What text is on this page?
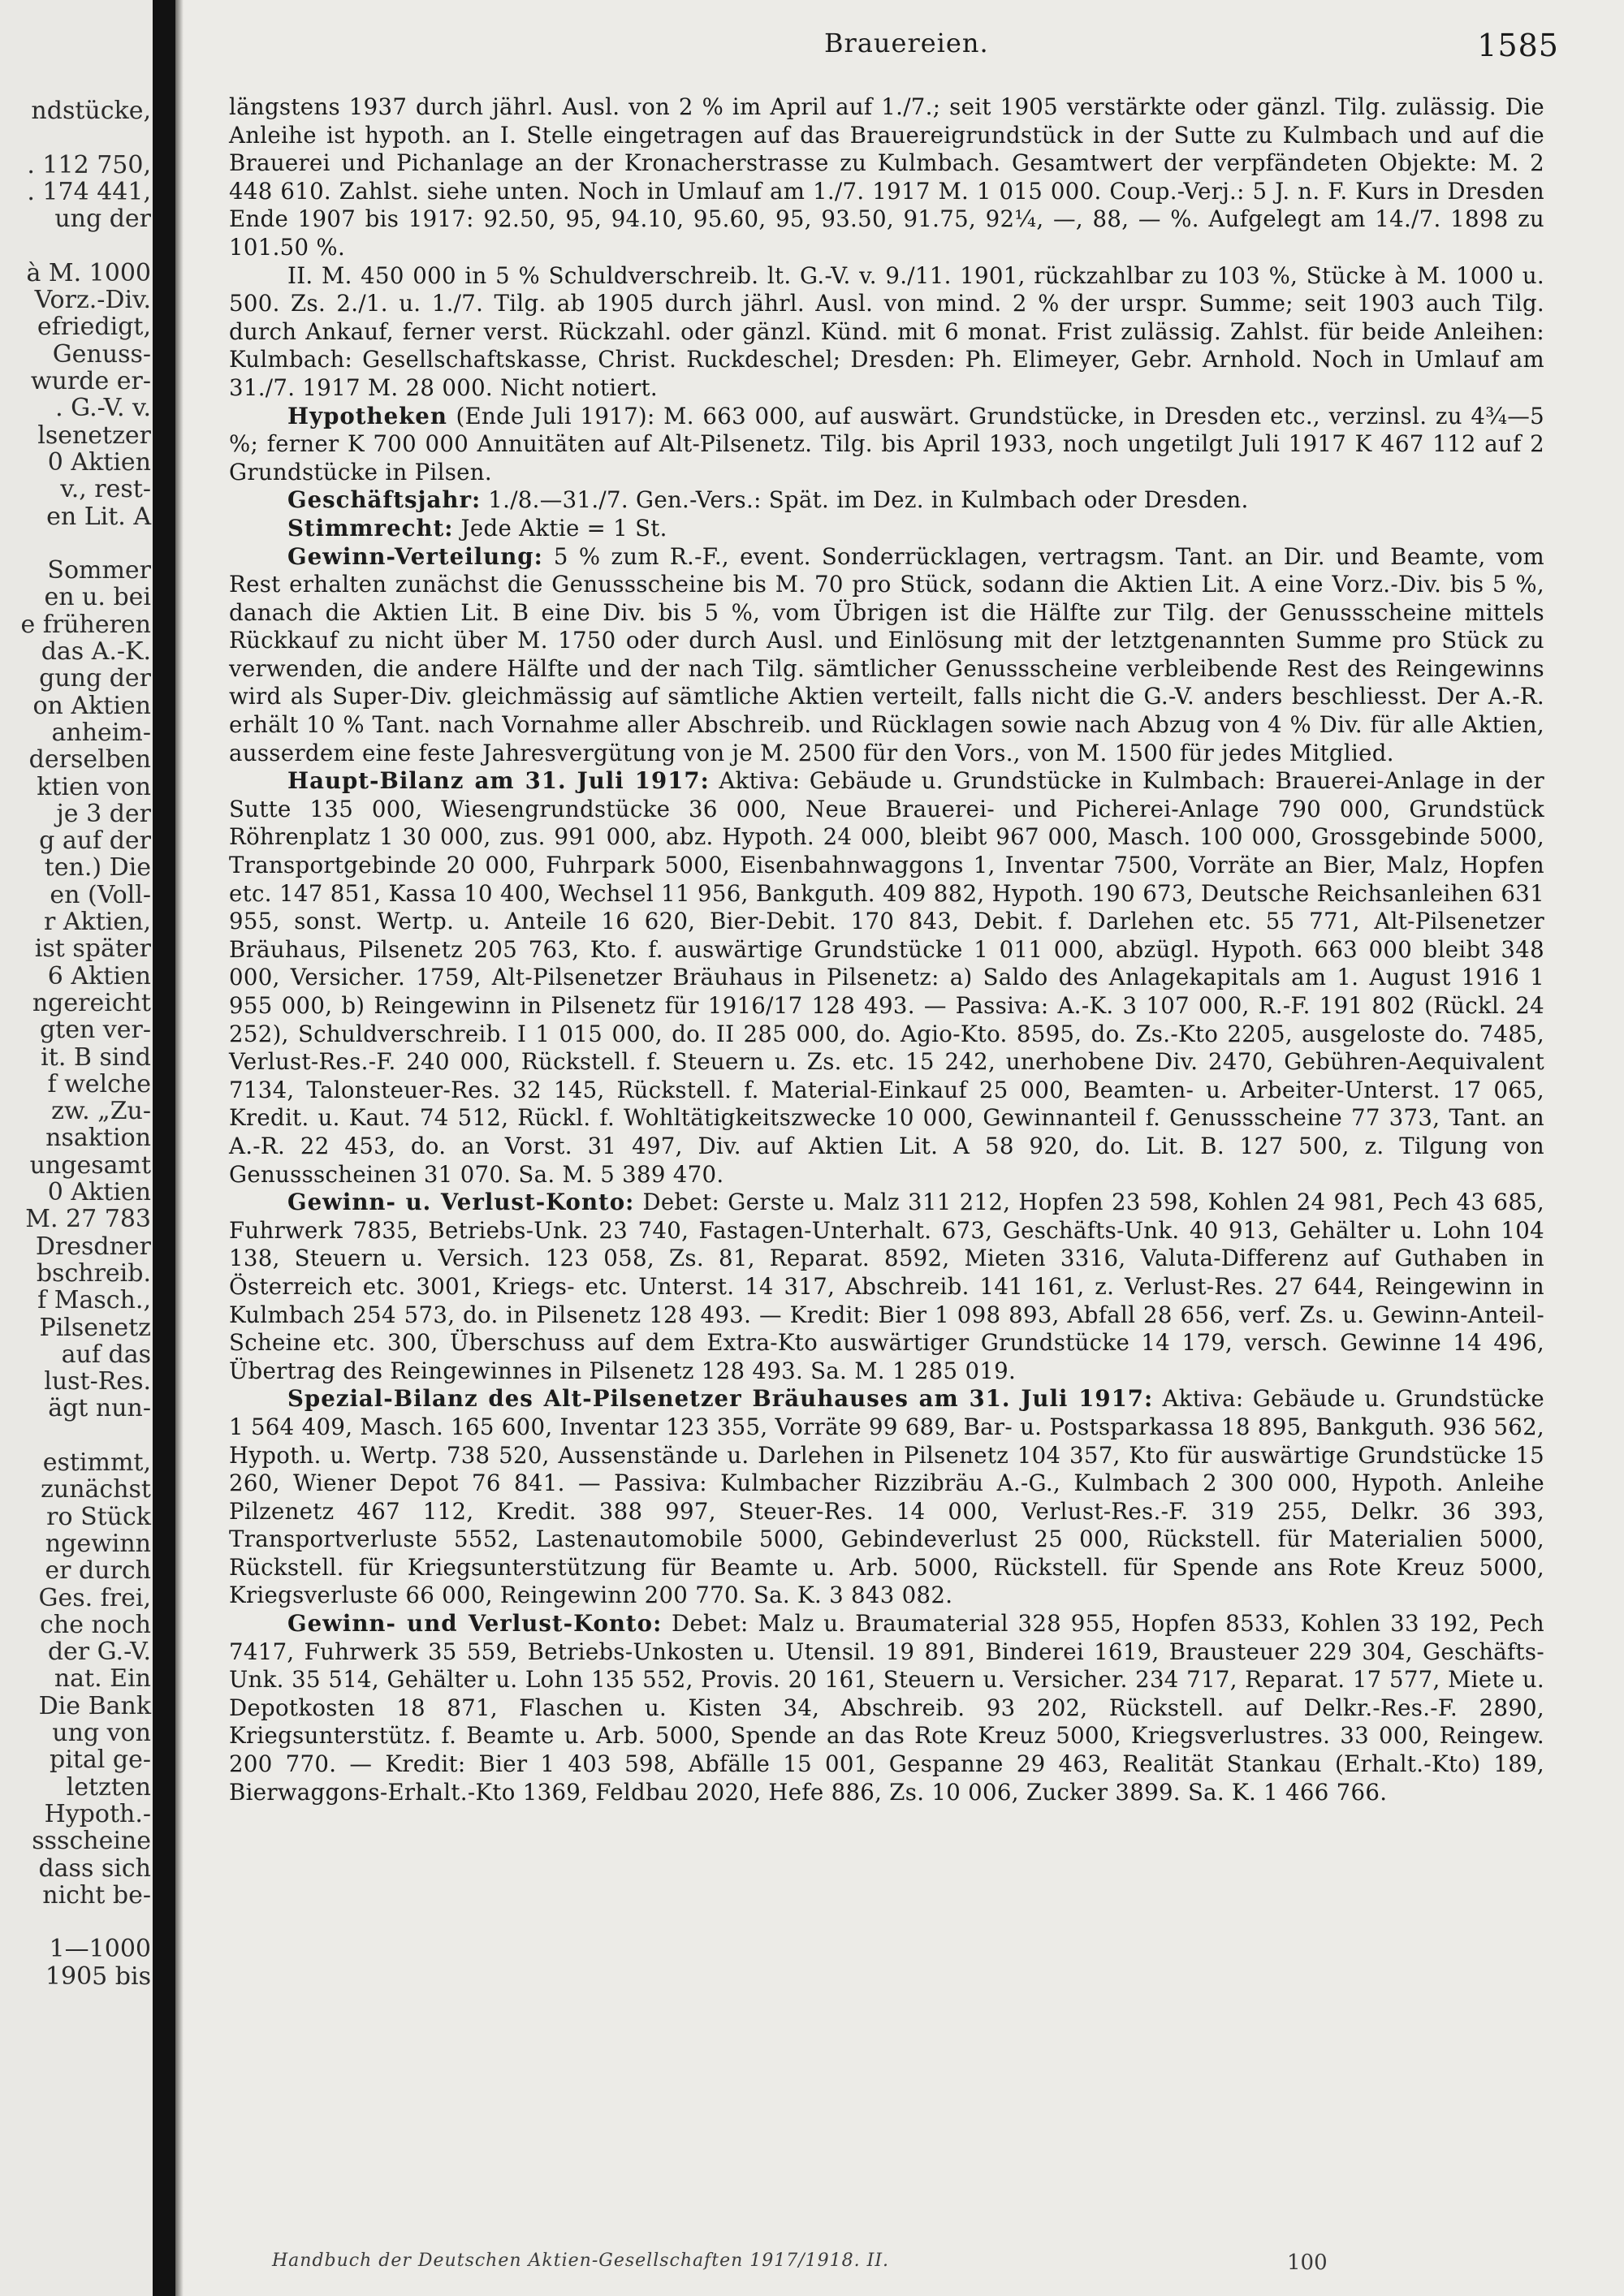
ndstücke,
. 112 750,
. 174 441,
ung der
à M. 1000
Vorz.-Div.
efriedigt,
Genuss-
wurde er-
. G.-V. v.
lsenetzer
0 Aktien
v., rest-
en Lit. A
Sommer
en u. bei
e früheren
das A.-K.
gung der
on Aktien
anheim-
derselben
ktien von
je 3 der
g auf der
ten.) Die
en (Voll-
r Aktien,
ist später
6 Aktien
ngereicht
gten ver-
it. B sind
f welche
zw. „Zu-
nsaktion
ungesamt
0 Aktien
M. 27 783
Dresdner
bschreib.
f Masch.,
Pilsenetz
auf das
lust-Res.
ägt nun-
estimmt,
zunächst
ro Stück
ngewinn
er durch
Ges. frei,
che noch
der G.-V.
nat. Ein
Die Bank
ung von
pital ge-
letzten
Hypoth.-
ssscheine
dass sich
nicht be-
1—1000
1905 bis
Brauereien.	1585

längstens 1937 durch jährl. Ausl. von 2 % im April auf 1./7.; seit 1905 verstärkte oder gänzl. Tilg. zulässig. Die Anleihe ist hypoth. an I. Stelle eingetragen auf das Brauereigrundstück in der Sutte zu Kulmbach und auf die Brauerei und Pichanlage an der Kronacherstrasse zu Kulmbach. Gesamtwert der verpfändeten Objekte: M. 2 448 610. Zahlst. siehe unten. Noch in Umlauf am 1./7. 1917 M. 1 015 000. Coup.-Verj.: 5 J. n. F. Kurs in Dresden Ende 1907 bis 1917: 92.50, 95, 94.10, 95.60, 95, 93.50, 91.75, 92¼, —, 88, — %. Aufgelegt am 14./7. 1898 zu 101.50 %.

II. M. 450 000 in 5 % Schuldverschreib. lt. G.-V. v. 9./11. 1901, rückzahlbar zu 103 %, Stücke à M. 1000 u. 500. Zs. 2./1. u. 1./7. Tilg. ab 1905 durch jährl. Ausl. von mind. 2 % der urspr. Summe; seit 1903 auch Tilg. durch Ankauf, ferner verst. Rückzahl. oder gänzl. Künd. mit 6 monat. Frist zulässig. Zahlst. für beide Anleihen: Kulmbach: Gesellschaftskasse, Christ. Ruckdeschel; Dresden: Ph. Elimeyer, Gebr. Arnhold. Noch in Umlauf am 31./7. 1917 M. 28 000. Nicht notiert.

Hypotheken (Ende Juli 1917): M. 663 000, auf auswärt. Grundstücke, in Dresden etc., verzinsl. zu 4¾—5 %; ferner K 700 000 Annuitäten auf Alt-Pilsenetz. Tilg. bis April 1933, noch ungetilgt Juli 1917 K 467 112 auf 2 Grundstücke in Pilsen.

Geschäftsjahr: 1./8.—31./7. Gen.-Vers.: Spät. im Dez. in Kulmbach oder Dresden.

Stimmrecht: Jede Aktie = 1 St.

Gewinn-Verteilung: 5 % zum R.-F., event. Sonderrücklagen, vertragsm. Tant. an Dir. und Beamte, vom Rest erhalten zunächst die Genussscheine bis M. 70 pro Stück, sodann die Aktien Lit. A eine Vorz.-Div. bis 5 %, danach die Aktien Lit. B eine Div. bis 5 %, vom Übrigen ist die Hälfte zur Tilg. der Genussscheine mittels Rückkauf zu nicht über M. 1750 oder durch Ausl. und Einlösung mit der letztgenannten Summe pro Stück zu verwenden, die andere Hälfte und der nach Tilg. sämtlicher Genussscheine verbleibende Rest des Reingewinns wird als Super-Div. gleichmässig auf sämtliche Aktien verteilt, falls nicht die G.-V. anders beschliesst. Der A.-R. erhält 10 % Tant. nach Vornahme aller Abschreib. und Rücklagen sowie nach Abzug von 4 % Div. für alle Aktien, ausserdem eine feste Jahresvergütung von je M. 2500 für den Vors., von M. 1500 für jedes Mitglied.

Haupt-Bilanz am 31. Juli 1917: Aktiva: Gebäude u. Grundstücke in Kulmbach: Brauerei-Anlage in der Sutte 135 000, Wiesengrundstücke 36 000, Neue Brauerei- und Picherei-Anlage 790 000, Grundstück Röhrenplatz 1 30 000, zus. 991 000, abz. Hypoth. 24 000, bleibt 967 000, Masch. 100 000, Grossgebinde 5000, Transportgebinde 20 000, Fuhrpark 5000, Eisenbahnwaggons 1, Inventar 7500, Vorräte an Bier, Malz, Hopfen etc. 147 851, Kassa 10 400, Wechsel 11 956, Bankguth. 409 882, Hypoth. 190 673, Deutsche Reichsanleihen 631 955, sonst. Wertp. u. Anteile 16 620, Bier-Debit. 170 843, Debit. f. Darlehen etc. 55 771, Alt-Pilsenetzer Bräuhaus, Pilsenetz 205 763, Kto. f. auswärtige Grundstücke 1 011 000, abzügl. Hypoth. 663 000 bleibt 348 000, Versicher. 1759, Alt-Pilsenetzer Bräuhaus in Pilsenetz: a) Saldo des Anlagekapitals am 1. August 1916 1 955 000, b) Reingewinn in Pilsenetz für 1916/17 128 493. — Passiva: A.-K. 3 107 000, R.-F. 191 802 (Rückl. 24 252), Schuldverschreib. I 1 015 000, do. II 285 000, do. Agio-Kto. 8595, do. Zs.-Kto 2205, ausgeloste do. 7485, Verlust-Res.-F. 240 000, Rückstell. f. Steuern u. Zs. etc. 15 242, unerhobene Div. 2470, Gebühren-Aequivalent 7134, Talonsteuer-Res. 32 145, Rückstell. f. Material-Einkauf 25 000, Beamten- u. Arbeiter-Unterst. 17 065, Kredit. u. Kaut. 74 512, Rückl. f. Wohltätigkeitszwecke 10 000, Gewinnanteil f. Genussscheine 77 373, Tant. an A.-R. 22 453, do. an Vorst. 31 497, Div. auf Aktien Lit. A 58 920, do. Lit. B. 127 500, z. Tilgung von Genussscheinen 31 070. Sa. M. 5 389 470.

Gewinn- u. Verlust-Konto: Debet: Gerste u. Malz 311 212, Hopfen 23 598, Kohlen 24 981, Pech 43 685, Fuhrwerk 7835, Betriebs-Unk. 23 740, Fastagen-Unterhalt. 673, Geschäfts-Unk. 40 913, Gehälter u. Lohn 104 138, Steuern u. Versich. 123 058, Zs. 81, Reparat. 8592, Mieten 3316, Valuta-Differenz auf Guthaben in Österreich etc. 3001, Kriegs- etc. Unterst. 14 317, Abschreib. 141 161, z. Verlust-Res. 27 644, Reingewinn in Kulmbach 254 573, do. in Pilsenetz 128 493. — Kredit: Bier 1 098 893, Abfall 28 656, verf. Zs. u. Gewinn-Anteil-Scheine etc. 300, Überschuss auf dem Extra-Kto auswärtiger Grundstücke 14 179, versch. Gewinne 14 496, Übertrag des Reingewinnes in Pilsenetz 128 493. Sa. M. 1 285 019.

Spezial-Bilanz des Alt-Pilsenetzer Bräuhauses am 31. Juli 1917: Aktiva: Gebäude u. Grundstücke 1 564 409, Masch. 165 600, Inventar 123 355, Vorräte 99 689, Bar- u. Postsparkassa 18 895, Bankguth. 936 562, Hypoth. u. Wertp. 738 520, Aussenstände u. Darlehen in Pilsenetz 104 357, Kto für auswärtige Grundstücke 15 260, Wiener Depot 76 841. — Passiva: Kulmbacher Rizzibräu A.-G., Kulmbach 2 300 000, Hypoth. Anleihe Pilzenetz 467 112, Kredit. 388 997, Steuer-Res. 14 000, Verlust-Res.-F. 319 255, Delkr. 36 393, Transportverluste 5552, Lastenautomobile 5000, Gebindeverlust 25 000, Rückstell. für Materialien 5000, Rückstell. für Kriegsunterstützung für Beamte u. Arb. 5000, Rückstell. für Spende ans Rote Kreuz 5000, Kriegsverluste 66 000, Reingewinn 200 770. Sa. K. 3 843 082.

Gewinn- und Verlust-Konto: Debet: Malz u. Braumaterial 328 955, Hopfen 8533, Kohlen 33 192, Pech 7417, Fuhrwerk 35 559, Betriebs-Unkosten u. Utensil. 19 891, Binderei 1619, Brausteuer 229 304, Geschäfts-Unk. 35 514, Gehälter u. Lohn 135 552, Provis. 20 161, Steuern u. Versicher. 234 717, Reparat. 17 577, Miete u. Depotkosten 18 871, Flaschen u. Kisten 34, Abschreib. 93 202, Rückstell. auf Delkr.-Res.-F. 2890, Kriegsunterstütz. f. Beamte u. Arb. 5000, Spende an das Rote Kreuz 5000, Kriegsverlustres. 33 000, Reingew. 200 770. — Kredit: Bier 1 403 598, Abfälle 15 001, Gespanne 29 463, Realität Stankau (Erhalt.-Kto) 189, Bierwaggons-Erhalt.-Kto 1369, Feldbau 2020, Hefe 886, Zs. 10 006, Zucker 3899. Sa. K. 1 466 766.

Handbuch der Deutschen Aktien-Gesellschaften 1917/1918. II.	100
